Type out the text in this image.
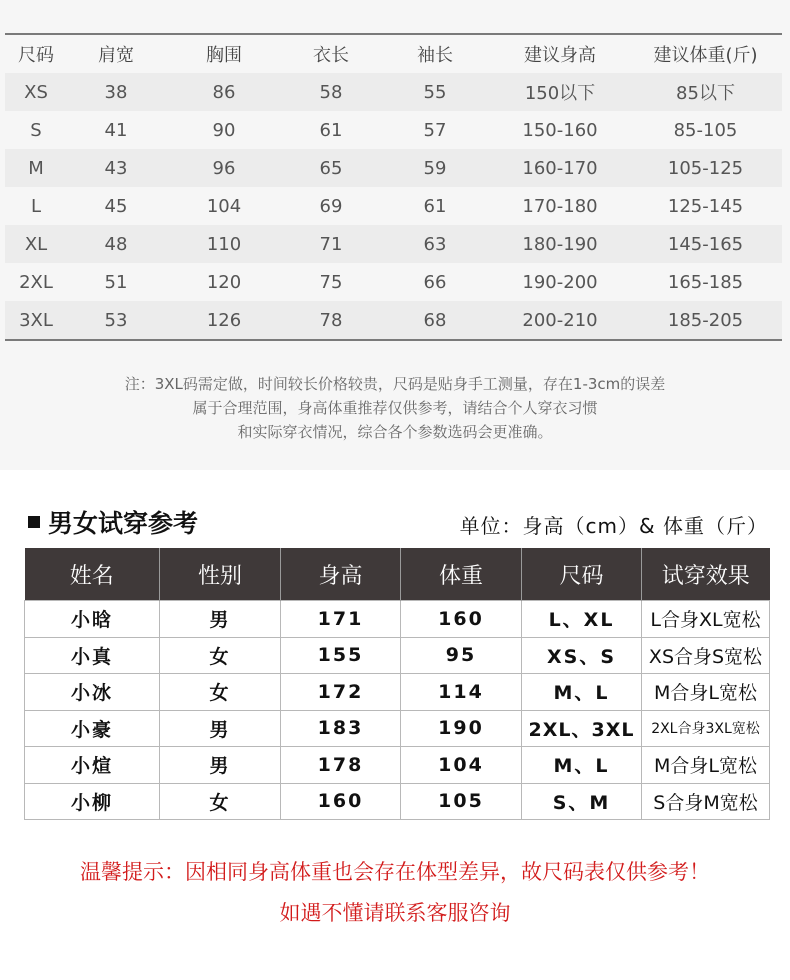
尺码	肩宽	胸围	衣长	袖长	建议身高	建议体重(斤)
XS	38	86	58	55	150以下	85以下
S	41	90	61	57	150-160	85-105
M	43	96	65	59	160-170	105-125
L	45	104	69	61	170-180	125-145
XL	48	110	71	63	180-190	145-165
2XL	51	120	75	66	190-200	165-185
3XL	53	126	78	68	200-210	185-205
注：3XL码需定做，时间较长价格较贵，尺码是贴身手工测量，存在1-3cm的误差
属于合理范围，身高体重推荐仅供参考，请结合个人穿衣习惯
和实际穿衣情况，综合各个参数选码会更准确。
男女试穿参考	单位：身高（cm）& 体重（斤）
姓名	性别	身高	体重	尺码	试穿效果
小晗	男	171	160	L、XL	L合身XL宽松
小真	女	155	95	XS、S	XS合身S宽松
小冰	女	172	114	M、L	M合身L宽松
小豪	男	183	190	2XL、3XL	2XL合身3XL宽松
小煊	男	178	104	M、L	M合身L宽松
小柳	女	160	105	S、M	S合身M宽松
温馨提示：因相同身高体重也会存在体型差异，故尺码表仅供参考！
如遇不懂请联系客服咨询
